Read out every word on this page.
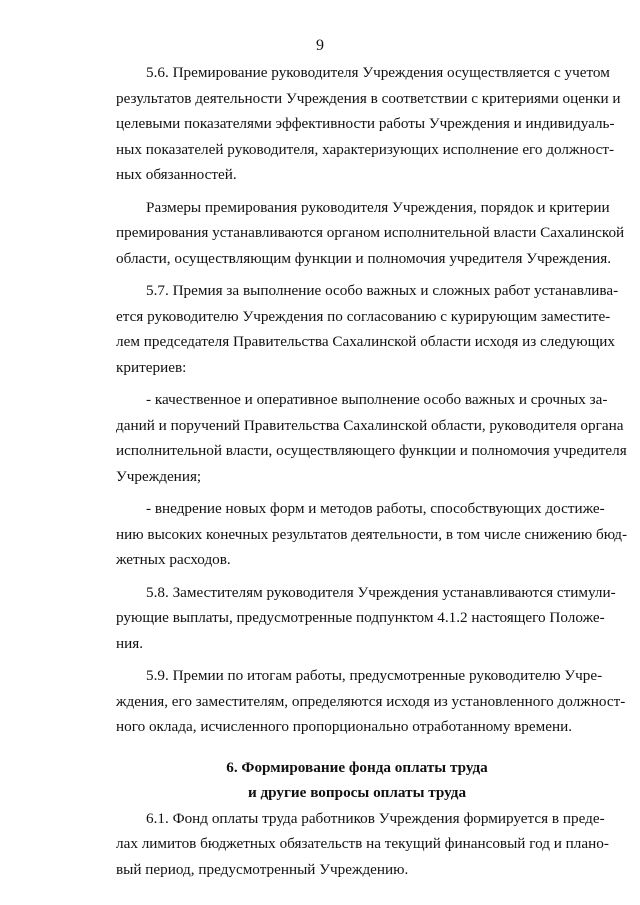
9
5.6. Премирование руководителя Учреждения осуществляется с учетом
результатов деятельности Учреждения в соответствии с критериями оценки и
целевыми показателями эффективности работы Учреждения и индивидуаль-
ных показателей руководителя, характеризующих исполнение его должност-
ных обязанностей.
Размеры премирования руководителя Учреждения, порядок и критерии
премирования устанавливаются органом исполнительной власти Сахалинской
области, осуществляющим функции и полномочия учредителя Учреждения.
5.7. Премия за выполнение особо важных и сложных работ устанавлива-
ется руководителю Учреждения по согласованию с курирующим заместите-
лем председателя Правительства Сахалинской области исходя из следующих
критериев:
- качественное и оперативное выполнение особо важных и срочных за-
даний и поручений Правительства Сахалинской области, руководителя органа
исполнительной власти, осуществляющего функции и полномочия учредителя
Учреждения;
- внедрение новых форм и методов работы, способствующих достиже-
нию высоких конечных результатов деятельности, в том числе снижению бюд-
жетных расходов.
5.8. Заместителям руководителя Учреждения устанавливаются стимули-
рующие выплаты, предусмотренные подпунктом 4.1.2 настоящего Положе-
ния.
5.9. Премии по итогам работы, предусмотренные руководителю Учре-
ждения, его заместителям, определяются исходя из установленного должност-
ного оклада, исчисленного пропорционально отработанному времени.
6. Формирование фонда оплаты труда
и другие вопросы оплаты труда
6.1. Фонд оплаты труда работников Учреждения формируется в преде-
лах лимитов бюджетных обязательств на текущий финансовый год и плано-
вый период, предусмотренный Учреждению.
